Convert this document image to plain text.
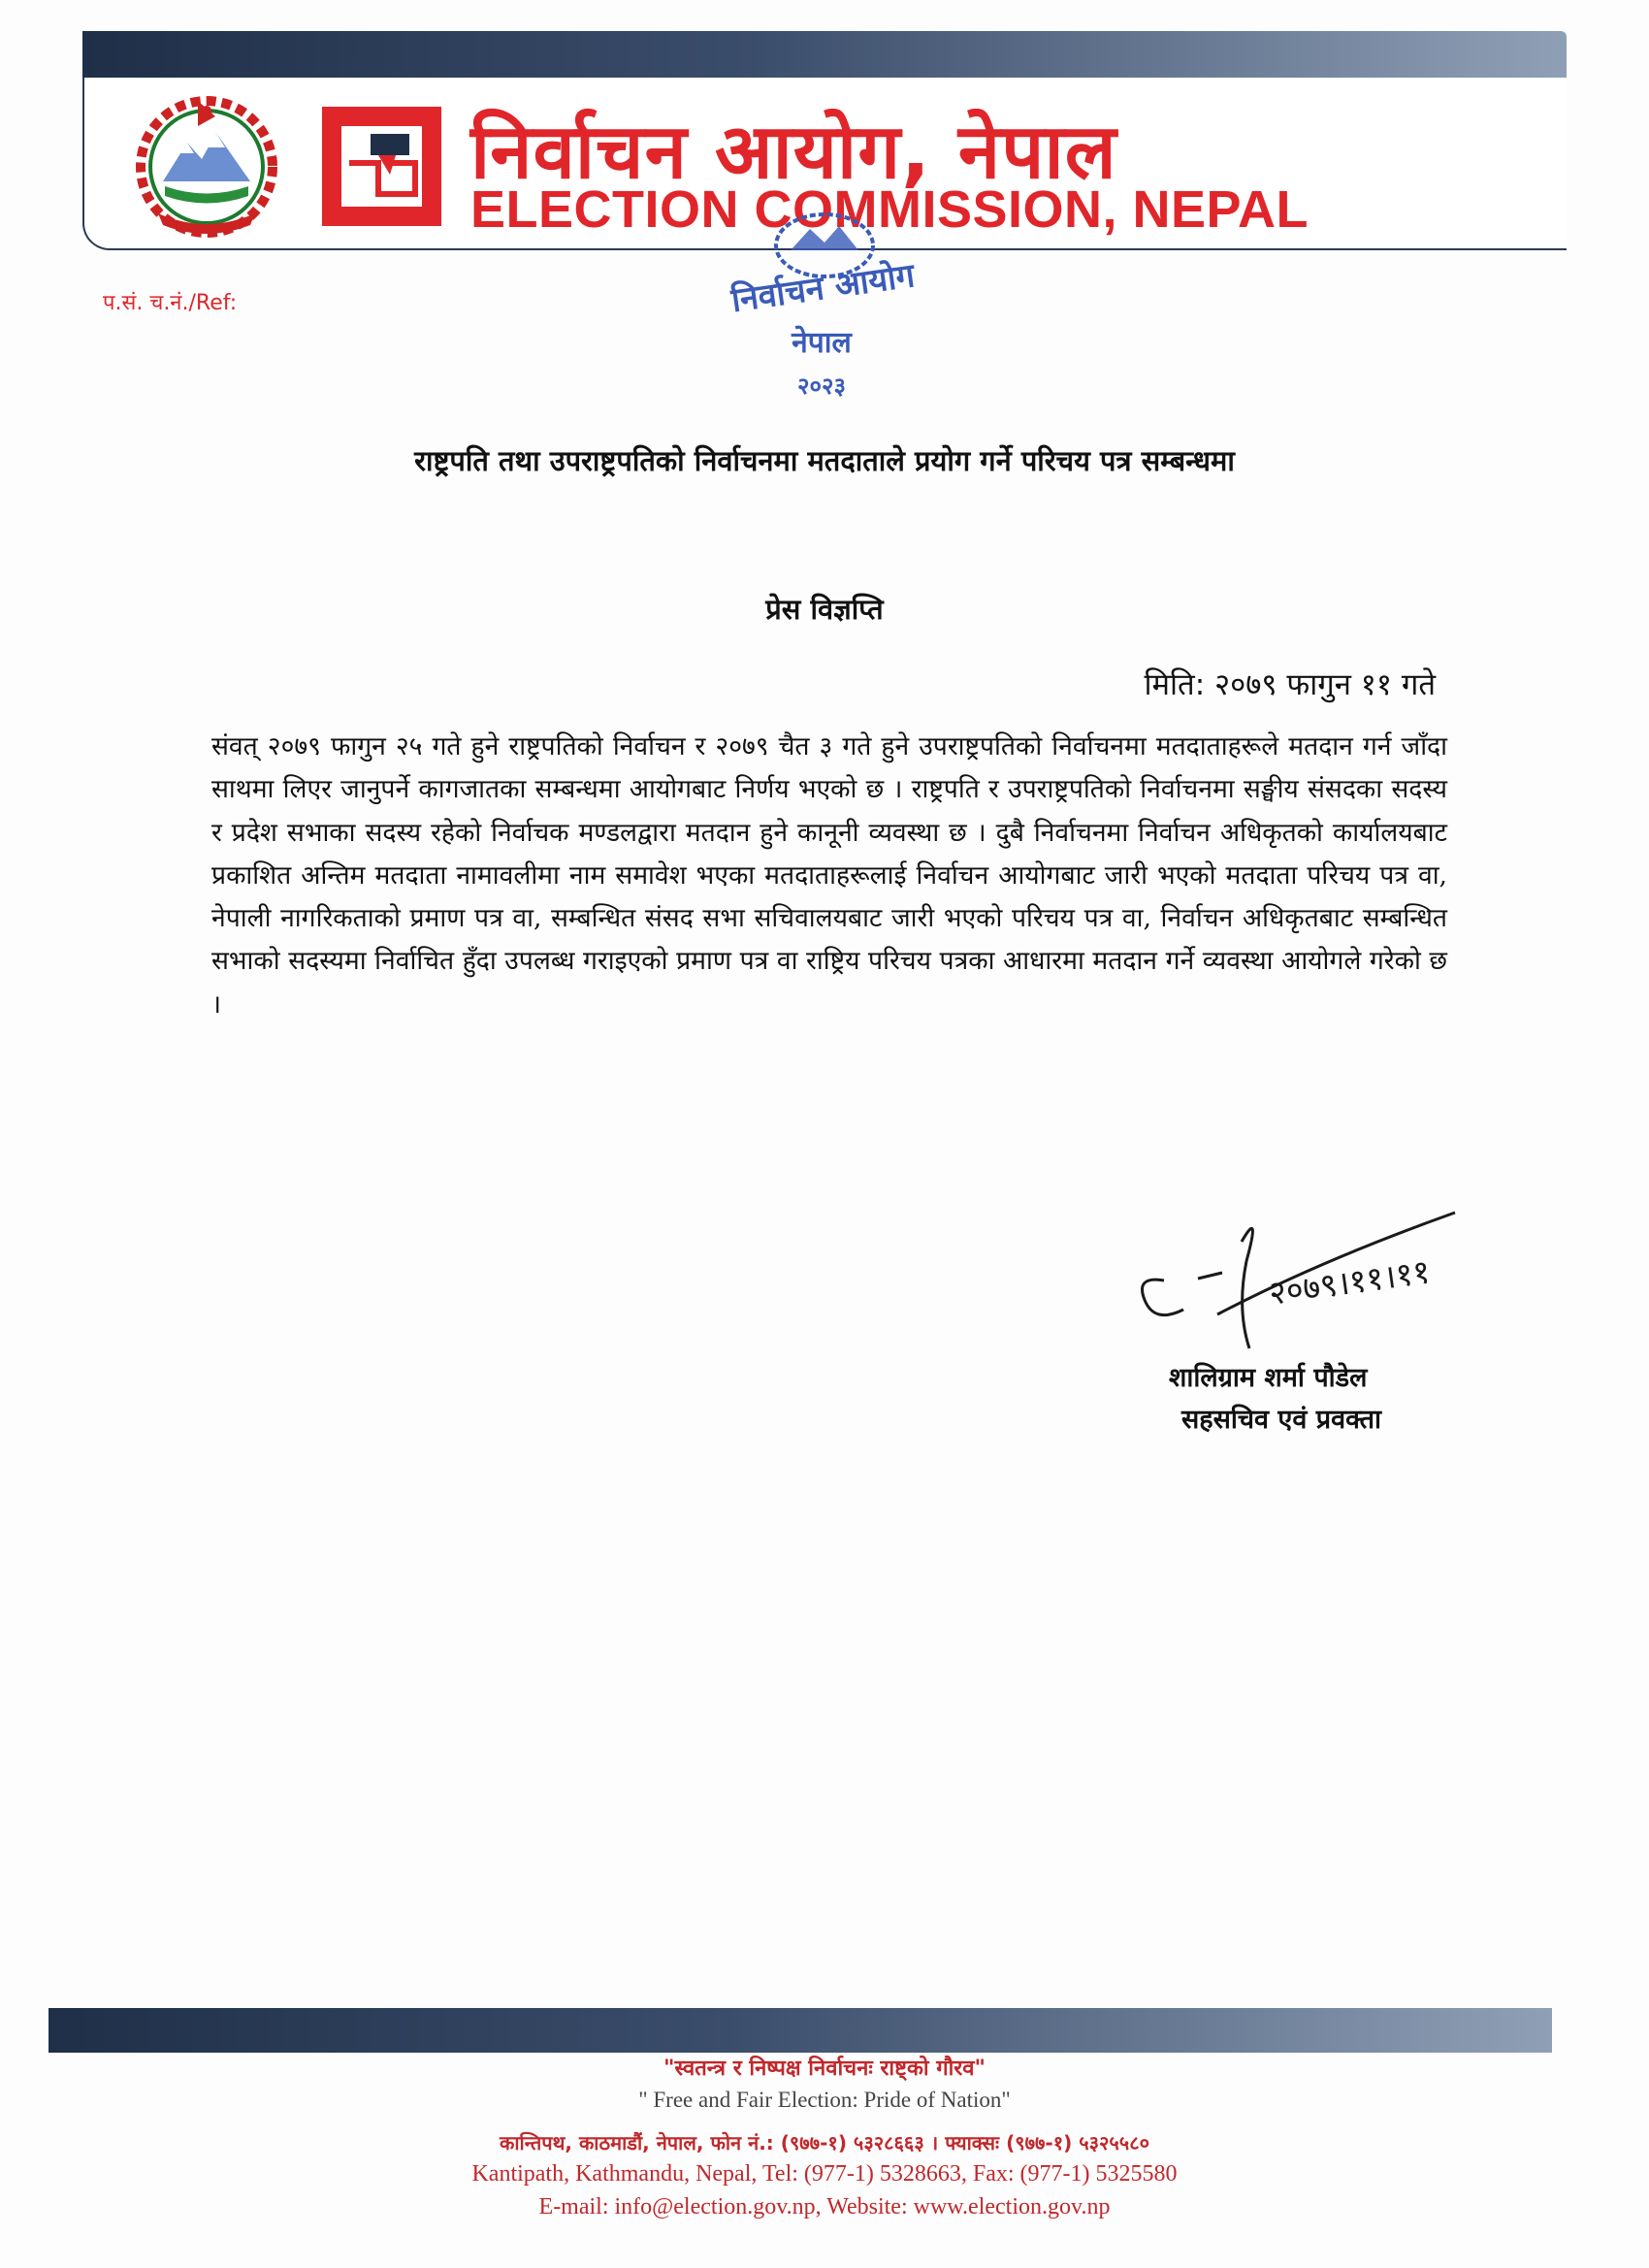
निर्वाचन आयोग, नेपाल
ELECTION COMMISSION, NEPAL
प.सं. च.नं./Ref:	निर्वाचन आयोग
नेपाल
२०२३
राष्ट्रपति तथा उपराष्ट्रपतिको निर्वाचनमा मतदाताले प्रयोग गर्ने परिचय पत्र सम्बन्धमा
प्रेस विज्ञप्ति
मिति: २०७९ फागुन ११ गते
संवत् २०७९ फागुन २५ गते हुने राष्ट्रपतिको निर्वाचन र २०७९ चैत ३ गते हुने उपराष्ट्रपतिको निर्वाचनमा मतदाताहरूले मतदान गर्न जाँदा साथमा लिएर जानुपर्ने कागजातका सम्बन्धमा आयोगबाट निर्णय भएको छ । राष्ट्रपति र उपराष्ट्रपतिको निर्वाचनमा सङ्घीय संसदका सदस्य र प्रदेश सभाका सदस्य रहेको निर्वाचक मण्डलद्वारा मतदान हुने कानूनी व्यवस्था छ । दुबै निर्वाचनमा निर्वाचन अधिकृतको कार्यालयबाट प्रकाशित अन्तिम मतदाता नामावलीमा नाम समावेश भएका मतदाताहरूलाई निर्वाचन आयोगबाट जारी भएको मतदाता परिचय पत्र वा, नेपाली नागरिकताको प्रमाण पत्र वा, सम्बन्धित संसद सभा सचिवालयबाट जारी भएको परिचय पत्र वा, निर्वाचन अधिकृतबाट सम्बन्धित सभाको सदस्यमा निर्वाचित हुँदा उपलब्ध गराइएको प्रमाण पत्र वा राष्ट्रिय परिचय पत्रका आधारमा मतदान गर्ने व्यवस्था आयोगले गरेको छ ।
२०७९।११।११
शालिग्राम शर्मा पौडेल
सहसचिव एवं प्रवक्ता
"स्वतन्त्र र निष्पक्ष निर्वाचनः राष्ट्को गौरव"
" Free and Fair Election: Pride of Nation"
कान्तिपथ, काठमाडौं, नेपाल, फोन नं.: (९७७-१) ५३२८६६३ । फ्याक्सः (९७७-१) ५३२५५८०
Kantipath, Kathmandu, Nepal, Tel: (977-1) 5328663, Fax: (977-1) 5325580
E-mail: info@election.gov.np, Website: www.election.gov.np
